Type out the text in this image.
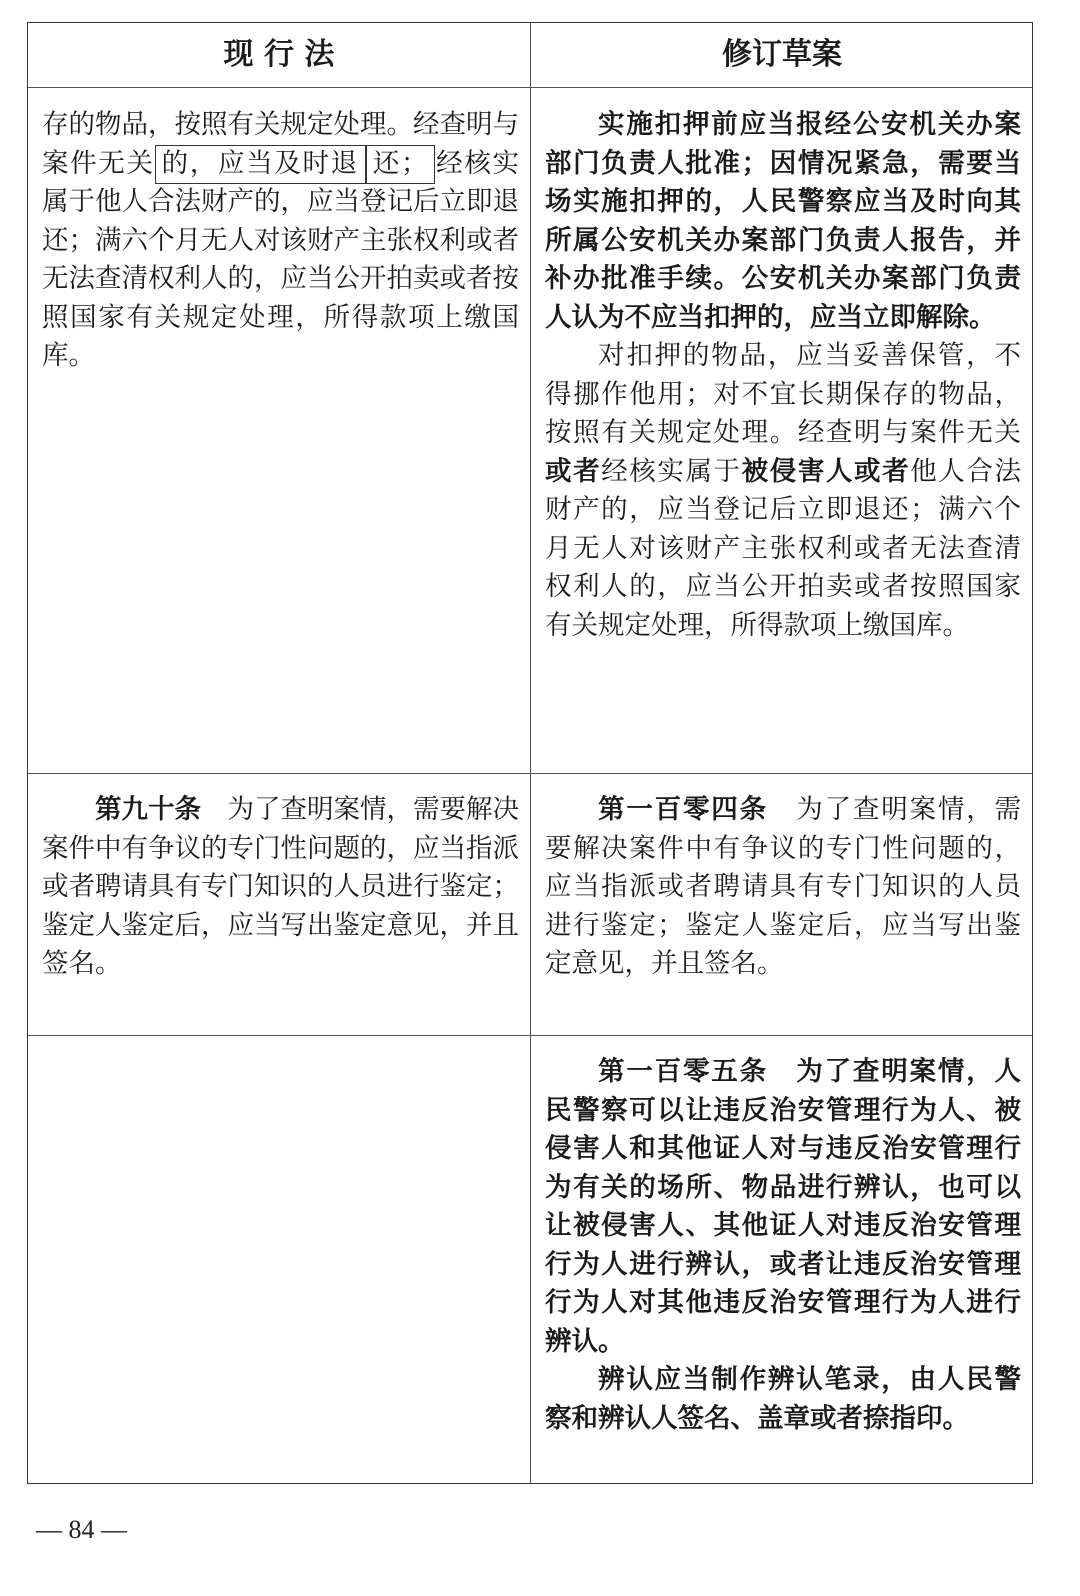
现 行 法	修订草案

存的物品，按照有关规定处理。经查明与案件无关 的，应当及时退 还； 经核实属于他人合法财产的，应当登记后立即退还；满六个月无人对该财产主张权利或者无法查清权利人的，应当公开拍卖或者按照国家有关规定处理，所得款项上缴国库。

实施扣押前应当报经公安机关办案部门负责人批准；因情况紧急，需要当场实施扣押的，人民警察应当及时向其所属公安机关办案部门负责人报告，并补办批准手续。公安机关办案部门负责人认为不应当扣押的，应当立即解除。

对扣押的物品，应当妥善保管，不得挪作他用；对不宜长期保存的物品，按照有关规定处理。经查明与案件无关或者经核实属于被侵害人或者他人合法财产的，应当登记后立即退还；满六个月无人对该财产主张权利或者无法查清权利人的，应当公开拍卖或者按照国家有关规定处理，所得款项上缴国库。

第九十条　 为了查明案情，需要解决案件中有争议的专门性问题的，应当指派或者聘请具有专门知识的人员进行鉴定；鉴定人鉴定后，应当写出鉴定意见，并且签名。

第一百零四条　 为了查明案情，需要解决案件中有争议的专门性问题的，应当指派或者聘请具有专门知识的人员进行鉴定；鉴定人鉴定后，应当写出鉴定意见，并且签名。

第一百零五条　 为了查明案情，人民警察可以让违反治安管理行为人、被侵害人和其他证人对与违反治安管理行为有关的场所、物品进行辨认，也可以让被侵害人、其他证人对违反治安管理行为人进行辨认，或者让违反治安管理行为人对其他违反治安管理行为人进行辨认。

辨认应当制作辨认笔录，由人民警察和辨认人签名、盖章或者捺指印。

— 84 —
